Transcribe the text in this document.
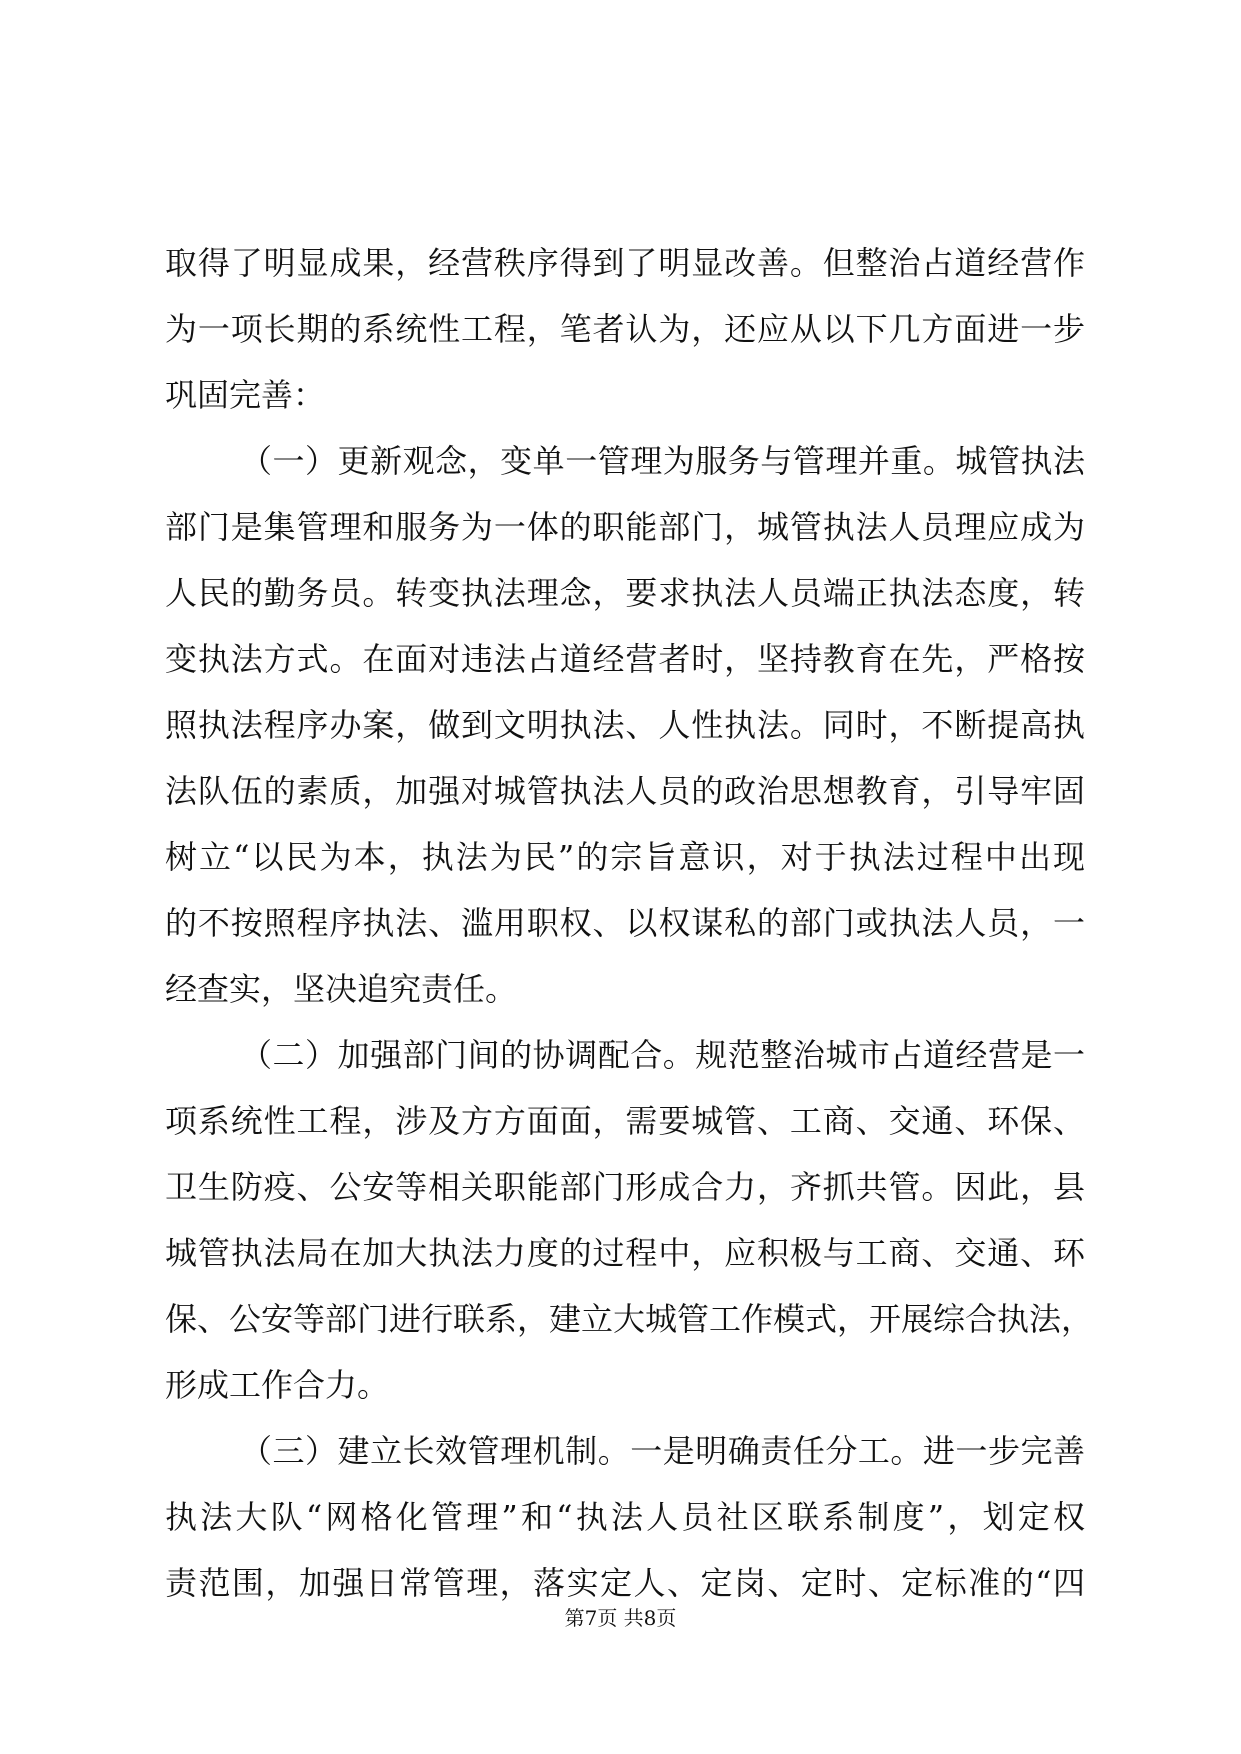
取得了明显成果，经营秩序得到了明显改善。但整治占道经营作
为一项长期的系统性工程，笔者认为，还应从以下几方面进一步
巩固完善：
（一）更新观念，变单一管理为服务与管理并重。城管执法
部门是集管理和服务为一体的职能部门，城管执法人员理应成为
人民的勤务员。转变执法理念，要求执法人员端正执法态度，转
变执法方式。在面对违法占道经营者时，坚持教育在先，严格按
照执法程序办案，做到文明执法、人性执法。同时，不断提高执
法队伍的素质，加强对城管执法人员的政治思想教育，引导牢固
树立“以民为本，执法为民”的宗旨意识，对于执法过程中出现
的不按照程序执法、滥用职权、以权谋私的部门或执法人员，一
经查实，坚决追究责任。
（二）加强部门间的协调配合。规范整治城市占道经营是一
项系统性工程，涉及方方面面，需要城管、工商、交通、环保、
卫生防疫、公安等相关职能部门形成合力，齐抓共管。因此，县
城管执法局在加大执法力度的过程中，应积极与工商、交通、环
保、公安等部门进行联系，建立大城管工作模式，开展综合执法，
形成工作合力。
（三）建立长效管理机制。一是明确责任分工。进一步完善
执法大队“网格化管理”和“执法人员社区联系制度”，划定权
责范围，加强日常管理，落实定人、定岗、定时、定标准的“四
第7页 共8页
